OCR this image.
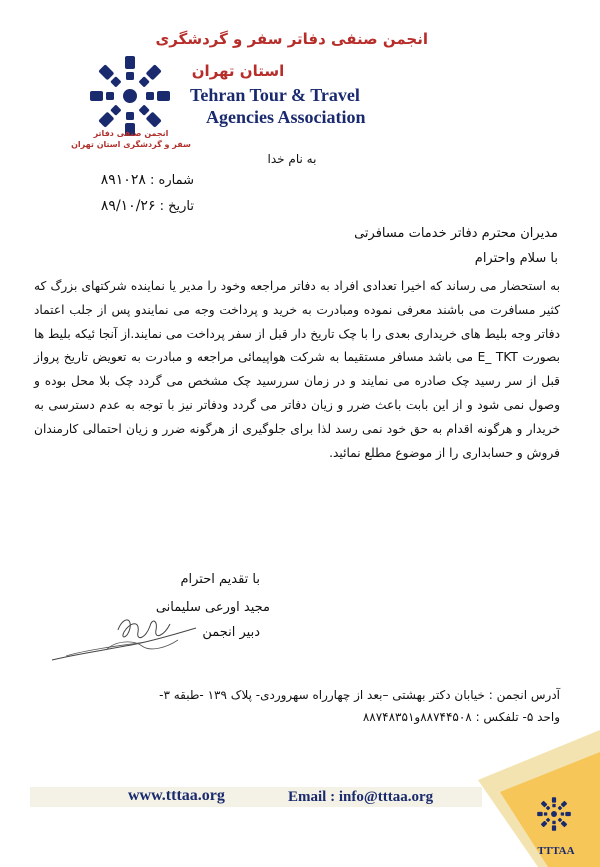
انجمن صنفی دفاتر
سفر و گردشگری استان تهران
انجمن صنفی دفاتر سفر و گردشگری
استان تهران
Tehran Tour & Travel
Agencies Association
به نام خدا
شماره : ۸۹۱۰۲۸
تاریخ : ۸۹/۱۰/۲۶
مدیران محترم دفاتر خدمات مسافرتی
با سلام واحترام
به استحضار می رساند که اخیرا تعدادی افراد به دفاتر مراجعه وخود را مدیر یا نماینده شرکتهای بزرگ که کثیر مسافرت می باشند معرفی نموده ومبادرت به خرید و پرداخت وجه می نمایندو پس از جلب اعتماد دفاتر وجه بلیط های خریداری بعدی را با چک تاریخ دار قبل از سفر پرداخت می نمایند.از آنجا ئیکه بلیط ها بصورت E_ TKT می باشد مسافر مستقیما به شرکت هواپیمائی مراجعه و مبادرت به تعویض تاریخ پرواز قبل از سر رسید چک صادره می نمایند و در زمان سررسید چک مشخص می گردد چک بلا محل بوده و وصول نمی شود و از این بابت باعث ضرر و زیان دفاتر می گردد ودفاتر نیز با توجه به عدم دسترسی به خریدار و هرگونه اقدام به حق خود نمی رسد لذا برای جلوگیری از هرگونه ضرر و زیان احتمالی کارمندان فروش و حسابداری را از موضوع مطلع نمائید.
با تقدیم احترام
مجید اورعی سلیمانی
دبیر انجمن
آدرس انجمن : خیابان دکتر بهشتی –بعد از چهارراه سهروردی- پلاک ۱۳۹ -طبقه ۳-
واحد ۵- تلفکس : ۸۸۷۴۴۵۰۸و۸۸۷۴۸۳۵۱
www.tttaa.org	Email : info@tttaa.org
TTTAA
